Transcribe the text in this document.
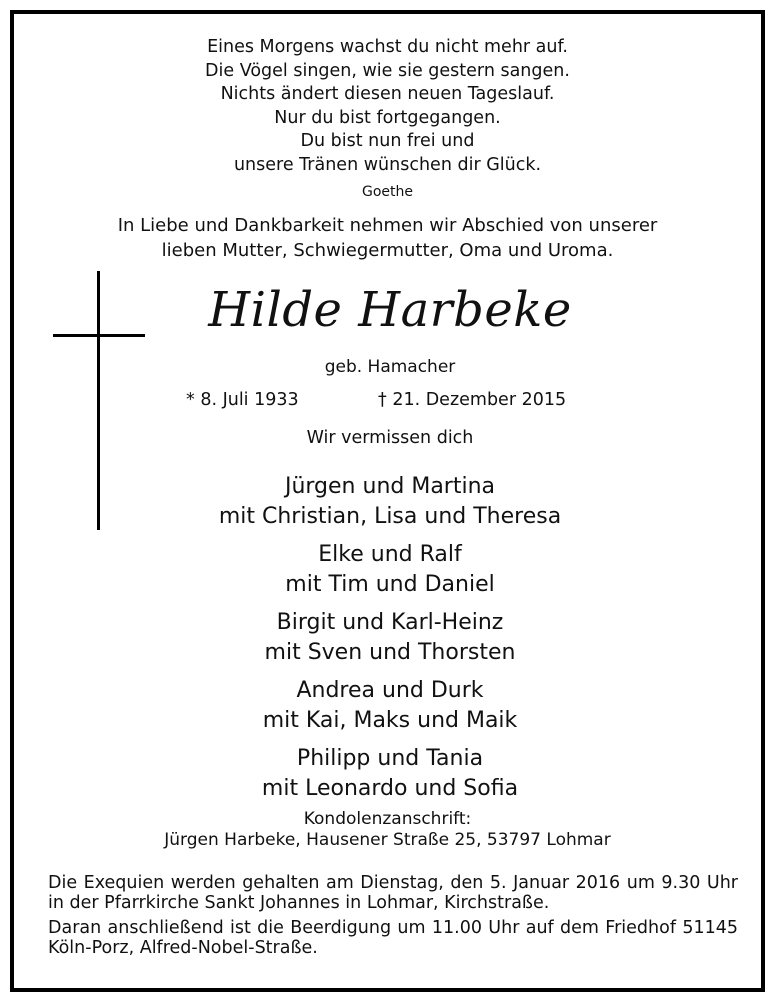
Eines Morgens wachst du nicht mehr auf.
Die Vögel singen, wie sie gestern sangen.
Nichts ändert diesen neuen Tageslauf.
Nur du bist fortgegangen.
Du bist nun frei und
unsere Tränen wünschen dir Glück.
Goethe
In Liebe und Dankbarkeit nehmen wir Abschied von unserer
lieben Mutter, Schwiegermutter, Oma und Uroma.
Hilde Harbeke
geb. Hamacher
* 8. Juli 1933	† 21. Dezember 2015
Wir vermissen dich
Jürgen und Martina
mit Christian, Lisa und Theresa
Elke und Ralf
mit Tim und Daniel
Birgit und Karl-Heinz
mit Sven und Thorsten
Andrea und Durk
mit Kai, Maks und Maik
Philipp und Tania
mit Leonardo und Sofia
Kondolenzanschrift:
Jürgen Harbeke, Hausener Straße 25, 53797 Lohmar
Die Exequien werden gehalten am Dienstag, den 5. Januar 2016 um 9.30 Uhr in der Pfarrkirche Sankt Johannes in Lohmar, Kirchstraße.
Daran anschließend ist die Beerdigung um 11.00 Uhr auf dem Friedhof 51145 Köln-Porz, Alfred-Nobel-Straße.
